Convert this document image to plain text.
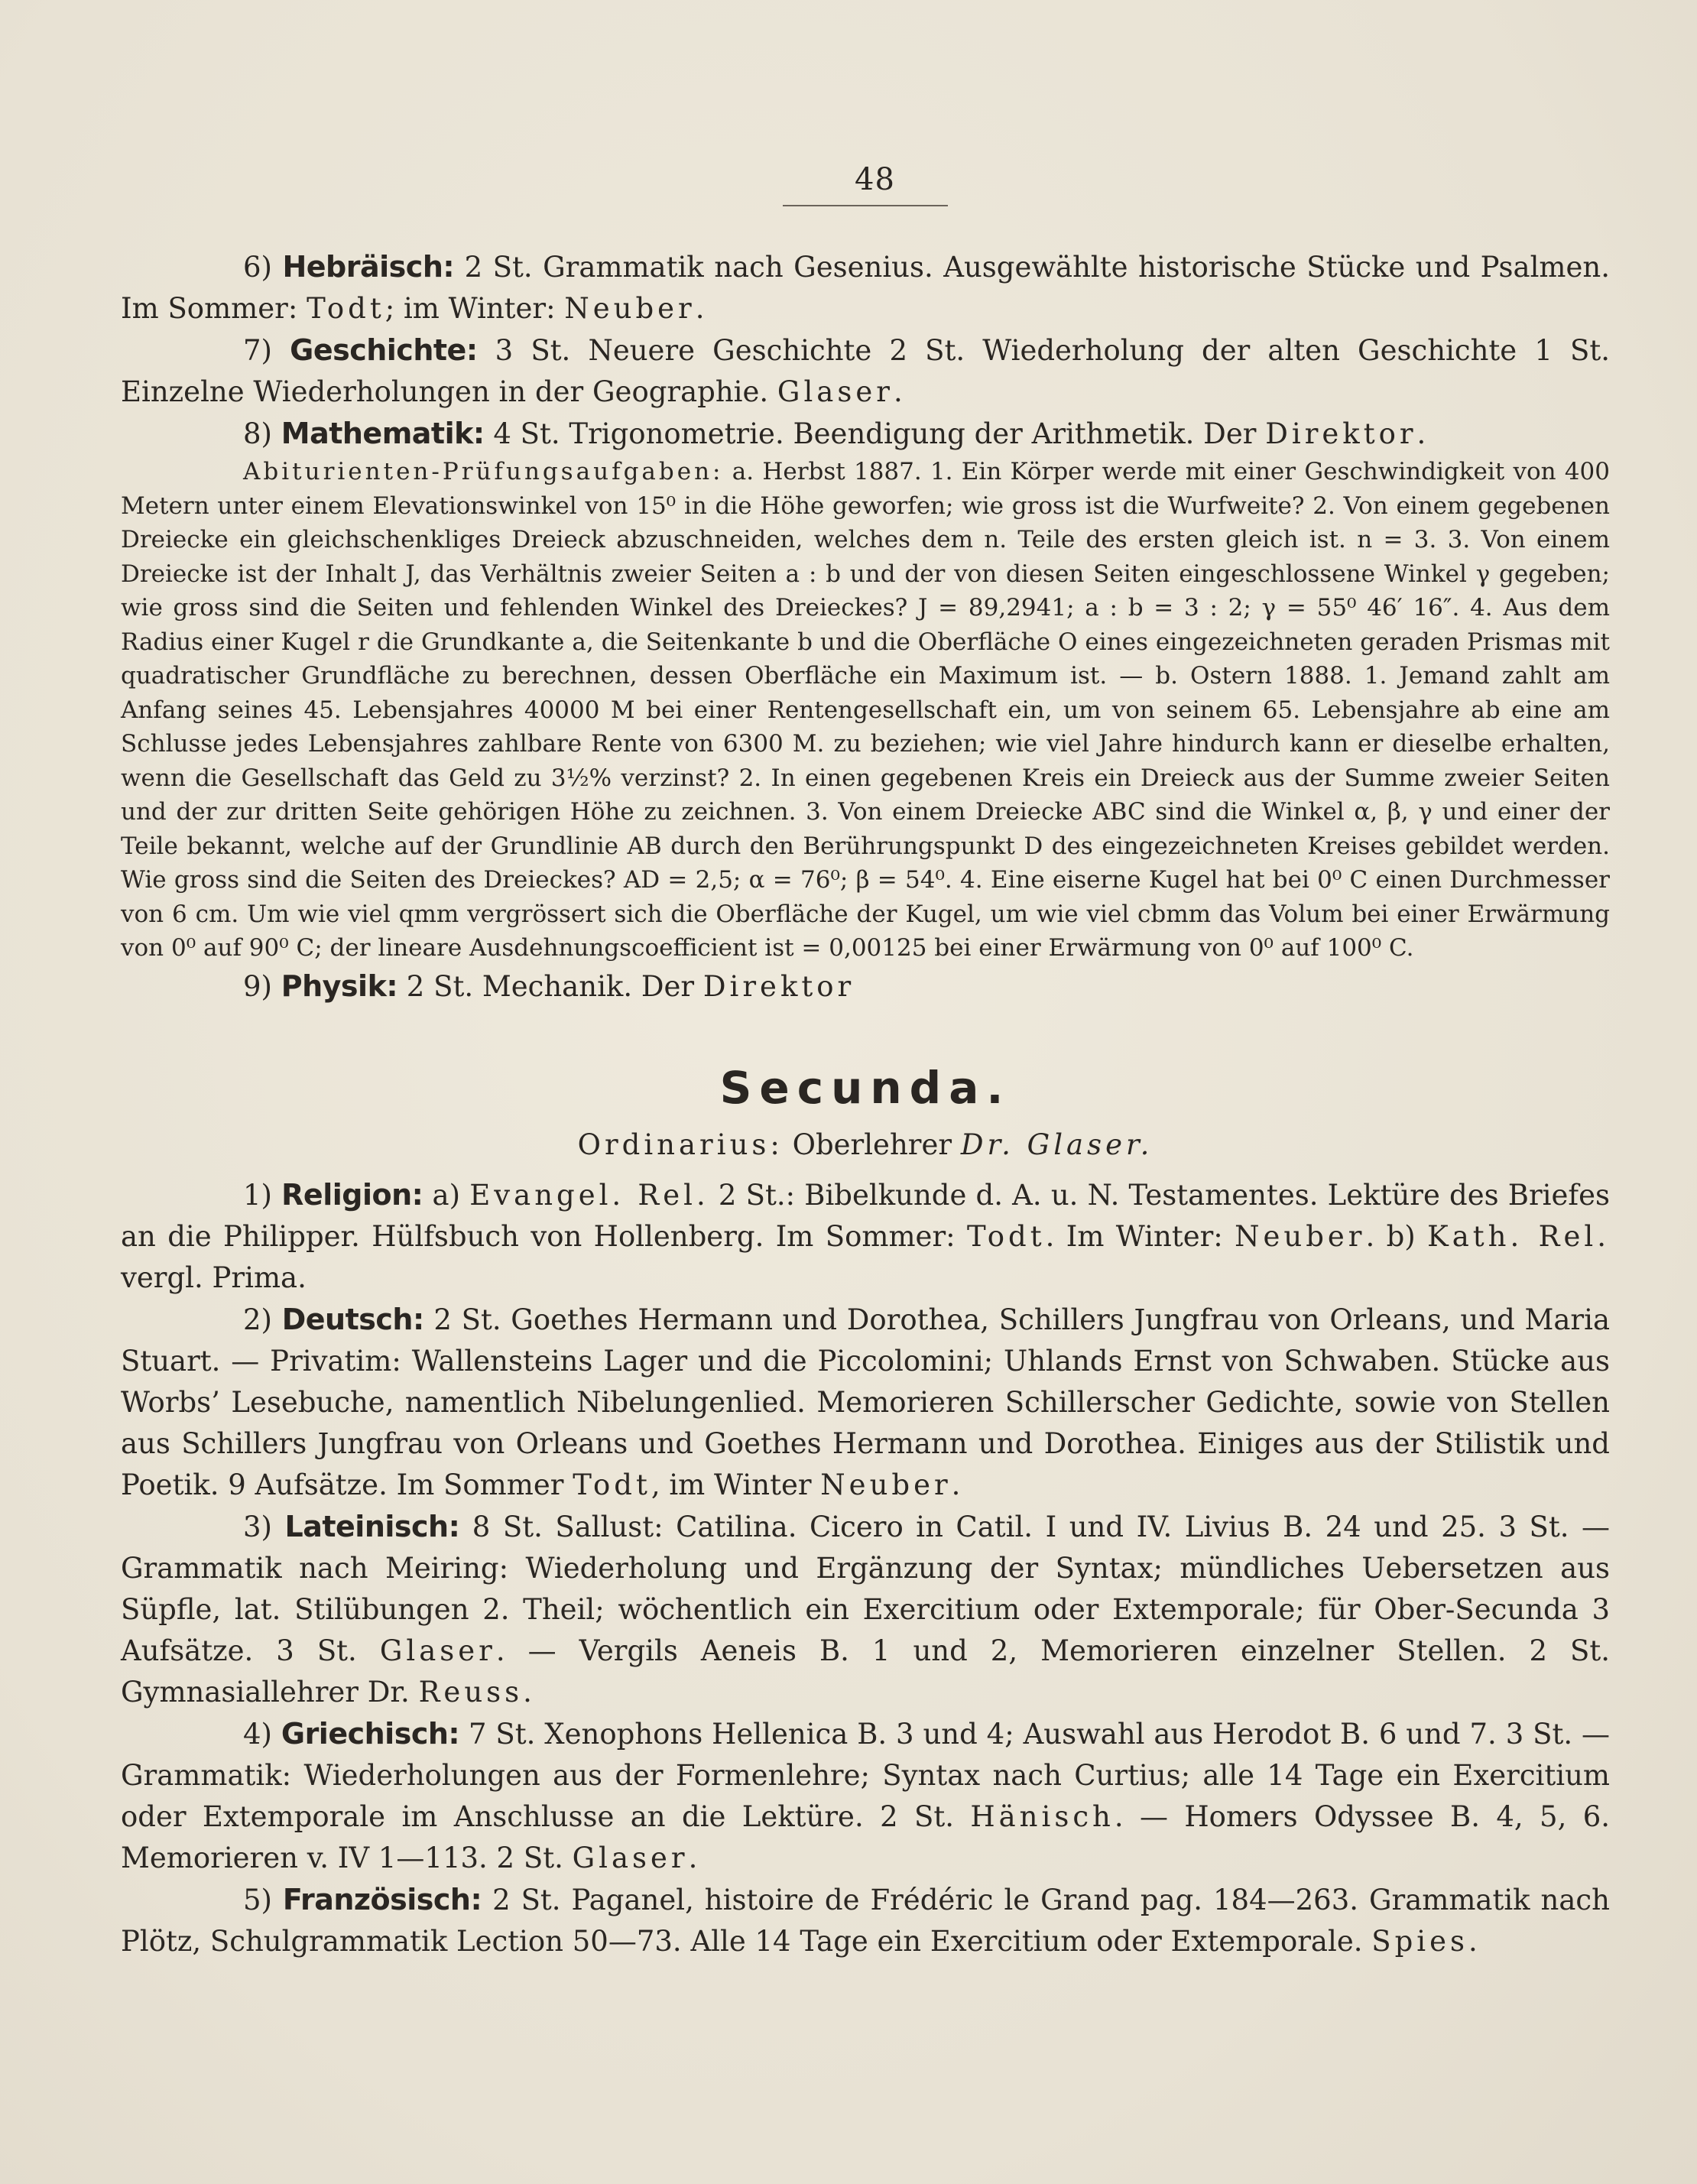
48

6) Hebräisch: 2 St. Grammatik nach Gesenius. Ausgewählte historische Stücke und Psalmen. Im Sommer: Todt; im Winter: Neuber.

7) Geschichte: 3 St. Neuere Geschichte 2 St. Wiederholung der alten Geschichte 1 St. Einzelne Wiederholungen in der Geographie. Glaser.

8) Mathematik: 4 St. Trigonometrie. Beendigung der Arithmetik. Der Direktor.

Abiturienten-Prüfungsaufgaben: a. Herbst 1887. 1. Ein Körper werde mit einer Geschwindigkeit von 400 Metern unter einem Elevationswinkel von 15⁰ in die Höhe geworfen; wie gross ist die Wurfweite? 2. Von einem gegebenen Dreiecke ein gleichschenkliges Dreieck abzuschneiden, welches dem n. Teile des ersten gleich ist. n = 3. 3. Von einem Dreiecke ist der Inhalt J, das Verhältnis zweier Seiten a : b und der von diesen Seiten eingeschlossene Winkel γ gegeben; wie gross sind die Seiten und fehlenden Winkel des Dreieckes? J = 89,2941; a : b = 3 : 2; γ = 55⁰ 46′ 16″. 4. Aus dem Radius einer Kugel r die Grundkante a, die Seitenkante b und die Oberfläche O eines eingezeichneten geraden Prismas mit quadratischer Grundfläche zu berechnen, dessen Oberfläche ein Maximum ist. — b. Ostern 1888. 1. Jemand zahlt am Anfang seines 45. Lebensjahres 40000 M bei einer Rentengesellschaft ein, um von seinem 65. Lebensjahre ab eine am Schlusse jedes Lebensjahres zahlbare Rente von 6300 M. zu beziehen; wie viel Jahre hindurch kann er dieselbe erhalten, wenn die Gesellschaft das Geld zu 3½% verzinst? 2. In einen gegebenen Kreis ein Dreieck aus der Summe zweier Seiten und der zur dritten Seite gehörigen Höhe zu zeichnen. 3. Von einem Dreiecke ABC sind die Winkel α, β, γ und einer der Teile bekannt, welche auf der Grundlinie AB durch den Berührungspunkt D des eingezeichneten Kreises gebildet werden. Wie gross sind die Seiten des Dreieckes? AD = 2,5; α = 76⁰; β = 54⁰. 4. Eine eiserne Kugel hat bei 0⁰ C einen Durchmesser von 6 cm. Um wie viel qmm vergrössert sich die Oberfläche der Kugel, um wie viel cbmm das Volum bei einer Erwärmung von 0⁰ auf 90⁰ C; der lineare Ausdehnungscoefficient ist = 0,00125 bei einer Erwärmung von 0⁰ auf 100⁰ C.

9) Physik: 2 St. Mechanik. Der Direktor

Secunda.
Ordinarius: Oberlehrer Dr. Glaser.

1) Religion: a) Evangel. Rel. 2 St.: Bibelkunde d. A. u. N. Testamentes. Lektüre des Briefes an die Philipper. Hülfsbuch von Hollenberg. Im Sommer: Todt. Im Winter: Neuber. b) Kath. Rel. vergl. Prima.

2) Deutsch: 2 St. Goethes Hermann und Dorothea, Schillers Jungfrau von Orleans, und Maria Stuart. — Privatim: Wallensteins Lager und die Piccolomini; Uhlands Ernst von Schwaben. Stücke aus Worbs’ Lesebuche, namentlich Nibelungenlied. Memorieren Schillerscher Gedichte, sowie von Stellen aus Schillers Jungfrau von Orleans und Goethes Hermann und Dorothea. Einiges aus der Stilistik und Poetik. 9 Aufsätze. Im Sommer Todt, im Winter Neuber.

3) Lateinisch: 8 St. Sallust: Catilina. Cicero in Catil. I und IV. Livius B. 24 und 25. 3 St. — Grammatik nach Meiring: Wiederholung und Ergänzung der Syntax; mündliches Uebersetzen aus Süpfle, lat. Stilübungen 2. Theil; wöchentlich ein Exercitium oder Extemporale; für Ober-Secunda 3 Aufsätze. 3 St. Glaser. — Vergils Aeneis B. 1 und 2, Memorieren einzelner Stellen. 2 St. Gymnasiallehrer Dr. Reuss.

4) Griechisch: 7 St. Xenophons Hellenica B. 3 und 4; Auswahl aus Herodot B. 6 und 7. 3 St. — Grammatik: Wiederholungen aus der Formenlehre; Syntax nach Curtius; alle 14 Tage ein Exercitium oder Extemporale im Anschlusse an die Lektüre. 2 St. Hänisch. — Homers Odyssee B. 4, 5, 6. Memorieren v. IV 1—113. 2 St. Glaser.

5) Französisch: 2 St. Paganel, histoire de Frédéric le Grand pag. 184—263. Grammatik nach Plötz, Schulgrammatik Lection 50—73. Alle 14 Tage ein Exercitium oder Extemporale. Spies.
